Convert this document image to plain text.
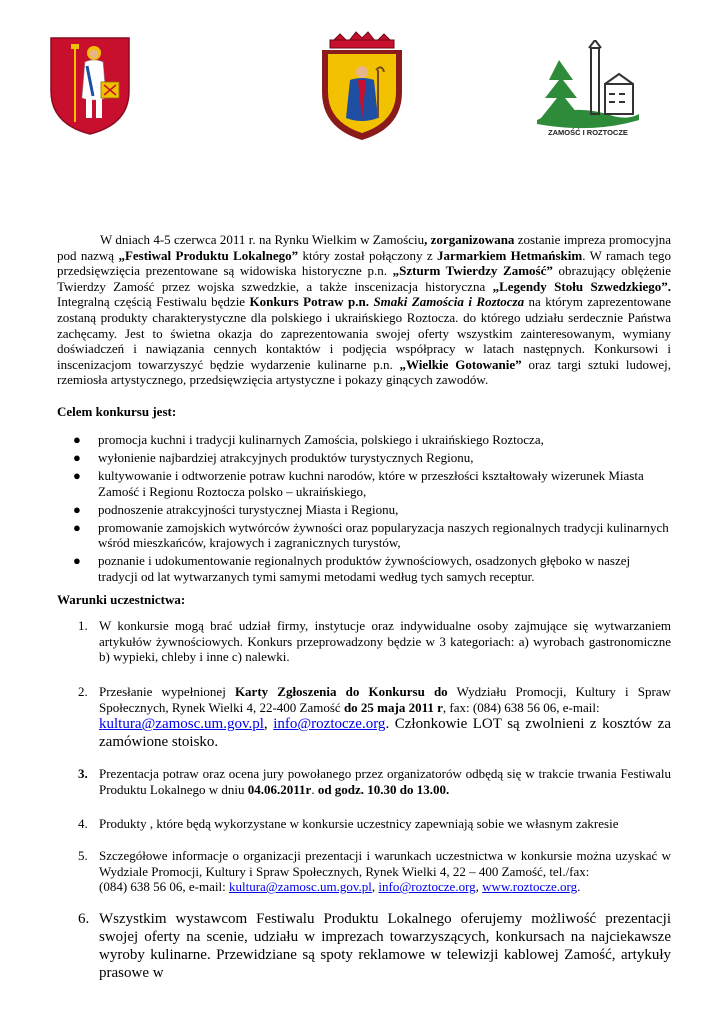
ZAMOŚĆ I ROZTOCZE
W dniach 4-5 czerwca 2011 r. na Rynku Wielkim w Zamościu, zorganizowana zostanie impreza promocyjna pod nazwą „Festiwal Produktu Lokalnego” który został połączony z Jarmarkiem Hetmańskim. W ramach tego przedsięwzięcia prezentowane są widowiska historyczne p.n. „Szturm Twierdzy Zamość” obrazujący oblężenie Twierdzy Zamość przez wojska szwedzkie, a także inscenizacja historyczna „Legendy Stołu Szwedzkiego”. Integralną częścią Festiwalu będzie Konkurs Potraw p.n. Smaki Zamościa i Roztocza na którym zaprezentowane zostaną produkty charakterystyczne dla polskiego i ukraińskiego Roztocza. do którego udziału serdecznie Państwa zachęcamy. Jest to świetna okazja do zaprezentowania swojej oferty wszystkim zainteresowanym, wymiany doświadczeń i nawiązania cennych kontaktów i podjęcia współpracy w latach następnych. Konkursowi i inscenizacjom towarzyszyć będzie wydarzenie kulinarne p.n. „Wielkie Gotowanie” oraz targi sztuki ludowej, rzemiosła artystycznego, przedsięwzięcia artystyczne i pokazy ginących zawodów.
Celem konkursu jest:
● promocja kuchni i tradycji kulinarnych Zamościa, polskiego i ukraińskiego Roztocza,
● wyłonienie najbardziej atrakcyjnych produktów turystycznych Regionu,
● kultywowanie i odtworzenie potraw kuchni narodów, które w przeszłości kształtowały wizerunek Miasta Zamość i Regionu Roztocza polsko – ukraińskiego,
● podnoszenie atrakcyjności turystycznej Miasta i Regionu,
● promowanie zamojskich wytwórców żywności oraz popularyzacja naszych regionalnych tradycji kulinarnych wśród mieszkańców, krajowych i zagranicznych turystów,
● poznanie i udokumentowanie regionalnych produktów żywnościowych, osadzonych głęboko w naszej tradycji od lat wytwarzanych tymi samymi metodami według tych samych receptur.
Warunki uczestnictwa:
1. W konkursie mogą brać udział firmy, instytucje oraz indywidualne osoby zajmujące się wytwarzaniem artykułów żywnościowych. Konkurs przeprowadzony będzie w 3 kategoriach: a) wyrobach gastronomiczne b) wypieki, chleby i inne c) nalewki.
2. Przesłanie wypełnionej Karty Zgłoszenia do Konkursu do Wydziału Promocji, Kultury i Spraw Społecznych, Rynek Wielki 4, 22-400 Zamość do 25 maja 2011 r, fax: (084) 638 56 06, e-mail:
kultura@zamosc.um.gov.pl, info@roztocze.org. Członkowie LOT są zwolnieni z kosztów za zamówione stoisko.
3. Prezentacja potraw oraz ocena jury powołanego przez organizatorów odbędą się w trakcie trwania Festiwalu Produktu Lokalnego w dniu 04.06.2011r. od godz. 10.30 do 13.00.
4. Produkty , które będą wykorzystane w konkursie uczestnicy zapewniają sobie we własnym zakresie
5. Szczegółowe informacje o organizacji prezentacji i warunkach uczestnictwa w konkursie można uzyskać w Wydziale Promocji, Kultury i Spraw Społecznych, Rynek Wielki 4, 22 – 400 Zamość, tel./fax:
(084) 638 56 06, e-mail: kultura@zamosc.um.gov.pl, info@roztocze.org, www.roztocze.org.
6. Wszystkim wystawcom Festiwalu Produktu Lokalnego oferujemy możliwość prezentacji swojej oferty na scenie, udziału w imprezach towarzyszących, konkursach na najciekawsze wyroby kulinarne. Przewidziane są spoty reklamowe w telewizji kablowej Zamość, artykuły prasowe w
